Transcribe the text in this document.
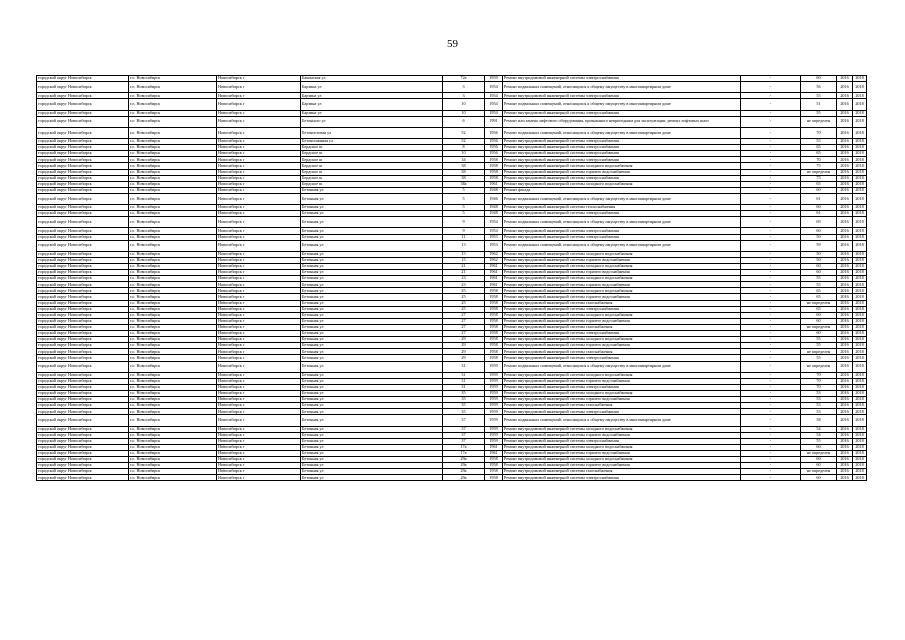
59
городской округ Новосибирск	г.о. Новосибирск	Новосибирск г	Бакинская ул	72а	1959	Ремонт внутридомовой инженерной системы электроснабжения	-	60	2016	2018
городской округ Новосибирск	г.о. Новосибирск	Новосибирск г	Барзина ул	3	1954	Ремонт подвальных помещений, относящихся к общему имуществу в многоквартирном доме	-	56	2016	2018
городской округ Новосибирск	г.о. Новосибирск	Новосибирск г	Барзина ул	3	1954	Ремонт внутридомовой инженерной системы электроснабжения	-	55	2016	2018
городской округ Новосибирск	г.о. Новосибирск	Новосибирск г	Барзина ул	10	1954	Ремонт подвальных помещений, относящихся к общему имуществу в многоквартирном доме	-	51	2016	2018
городской округ Новосибирск	г.о. Новосибирск	Новосибирск г	Барзина ул	10	1954	Ремонт внутридомовой инженерной системы электроснабжения	-	55	2016	2018
городской округ Новосибирск	г.о. Новосибирск	Новосибирск г	Бетонного ул	6	1991	Ремонт или замена лифтового оборудования, признанного непригодным для эксплуатации, ремонт лифтовых шахт	-	не определен	2016	2018
городской округ Новосибирск	г.о. Новосибирск	Новосибирск г	Бетонистовая ул	52	1956	Ремонт подвальных помещений, относящихся к общему имуществу в многоквартирном доме	-	70	2016	2018
городской округ Новосибирск	г.о. Новосибирск	Новосибирск г	Бетоношкиная ул	52	1956	Ремонт внутридомовой инженерной системы электроснабжения	-	55	2016	2018
городской округ Новосибирск	г.о. Новосибирск	Новосибирск г	Бердское ш	8	1956	Ремонт внутридомовой инженерной системы электроснабжения	-	65	2016	2018
городской округ Новосибирск	г.о. Новосибирск	Новосибирск г	Бердское ш	10	1956	Ремонт внутридомовой инженерной системы электроснабжения	-	65	2016	2018
городской округ Новосибирск	г.о. Новосибирск	Новосибирск г	Бердское ш	34	1958	Ремонт внутридомовой инженерной системы электроснабжения	-	70	2016	2018
городской округ Новосибирск	г.о. Новосибирск	Новосибирск г	Бердское ш	38	1958	Ремонт внутридомовой инженерной системы холодного водоснабжения	-	75	2016	2018
городской округ Новосибирск	г.о. Новосибирск	Новосибирск г	Бердское ш	38	1958	Ремонт внутридомовой инженерной системы горячего водоснабжения	-	не определен	2016	2018
городской округ Новосибирск	г.о. Новосибирск	Новосибирск г	Бердское ш	38	1958	Ремонт внутридомовой инженерной системы электроснабжения	-	75	2016	2018
городской округ Новосибирск	г.о. Новосибирск	Новосибирск г	Бердское ш	38а	1961	Ремонт внутридомовой инженерной системы холодного водоснабжения	-	65	2016	2018
городской округ Новосибирск	г.о. Новосибирск	Новосибирск г	Бетонная ул	5	1948	Ремонт фасада	-	60	2016	2018
городской округ Новосибирск	г.о. Новосибирск	Новосибирск г	Бетонная ул	5	1946	Ремонт подвальных помещений, относящихся к общему имуществу в многоквартирном доме	-	61	2016	2018
городской округ Новосибирск	г.о. Новосибирск	Новосибирск г	Бетонная ул	5	1948	Ремонт внутридомовой инженерной системы теплоснабжения	-	60	2016	2018
городской округ Новосибирск	г.о. Новосибирск	Новосибирск г	Бетонная ул	5	1948	Ремонт внутридомовой инженерной системы электроснабжения	-	61	2016	2018
городской округ Новосибирск	г.о. Новосибирск	Новосибирск г	Бетонная ул	9	1954	Ремонт подвальных помещений, относящихся к общему имуществу в многоквартирном доме	-	69	2016	2018
городской округ Новосибирск	г.о. Новосибирск	Новосибирск г	Бетонная ул	9	1954	Ремонт внутридомовой инженерной системы электроснабжения	-	60	2016	2018
городской округ Новосибирск	г.о. Новосибирск	Новосибирск г	Бетонная ул	11	1953	Ремонт внутридомовой инженерной системы электроснабжения	-	50	2016	2018
городской округ Новосибирск	г.о. Новосибирск	Новосибирск г	Бетонная ул	13	1953	Ремонт подвальных помещений, относящихся к общему имуществу в многоквартирном доме	-	59	2016	2018
городской округ Новосибирск	г.о. Новосибирск	Новосибирск г	Бетонная ул	15	1962	Ремонт внутридомовой инженерной системы холодного водоснабжения	-	50	2016	2018
городской округ Новосибирск	г.о. Новосибирск	Новосибирск г	Бетонная ул	15	1962	Ремонт внутридомовой инженерной системы горячего водоснабжения	-	50	2016	2018
городской округ Новосибирск	г.о. Новосибирск	Новосибирск г	Бетонная ул	21	1961	Ремонт внутридомовой инженерной системы холодного водоснабжения	-	60	2016	2018
городской округ Новосибирск	г.о. Новосибирск	Новосибирск г	Бетонная ул	21	1961	Ремонт внутридомовой инженерной системы горячего водоснабжения	-	60	2016	2018
городской округ Новосибирск	г.о. Новосибирск	Новосибирск г	Бетонная ул	23	1961	Ремонт внутридомовой инженерной системы холодного водоснабжения	-	55	2016	2018
городской округ Новосибирск	г.о. Новосибирск	Новосибирск г	Бетонная ул	23	1961	Ремонт внутридомовой инженерной системы горячего водоснабжения	-	55	2016	2018
городской округ Новосибирск	г.о. Новосибирск	Новосибирск г	Бетонная ул	25	1958	Ремонт внутридомовой инженерной системы холодного водоснабжения	-	65	2016	2018
городской округ Новосибирск	г.о. Новосибирск	Новосибирск г	Бетонная ул	25	1958	Ремонт внутридомовой инженерной системы горячего водоснабжения	-	65	2016	2018
городской округ Новосибирск	г.о. Новосибирск	Новосибирск г	Бетонная ул	25	1958	Ремонт внутридомовой инженерной системы газоснабжения	-	не определен	2016	2018
городской округ Новосибирск	г.о. Новосибирск	Новосибирск г	Бетонная ул	25	1958	Ремонт внутридомовой инженерной системы электроснабжения	-	65	2016	2018
городской округ Новосибирск	г.о. Новосибирск	Новосибирск г	Бетонная ул	27	1958	Ремонт внутридомовой инженерной системы холодного водоснабжения	-	60	2016	2018
городской округ Новосибирск	г.о. Новосибирск	Новосибирск г	Бетонная ул	27	1958	Ремонт внутридомовой инженерной системы горячего водоснабжения	-	60	2016	2018
городской округ Новосибирск	г.о. Новосибирск	Новосибирск г	Бетонная ул	27	1958	Ремонт внутридомовой инженерной системы газоснабжения	-	не определен	2016	2018
городской округ Новосибирск	г.о. Новосибирск	Новосибирск г	Бетонная ул	27	1958	Ремонт внутридомовой инженерной системы электроснабжения	-	60	2016	2018
городской округ Новосибирск	г.о. Новосибирск	Новосибирск г	Бетонная ул	29	1958	Ремонт внутридомовой инженерной системы холодного водоснабжения	-	55	2016	2018
городской округ Новосибирск	г.о. Новосибирск	Новосибирск г	Бетонная ул	29	1958	Ремонт внутридомовой инженерной системы горячего водоснабжения	-	55	2016	2018
городской округ Новосибирск	г.о. Новосибирск	Новосибирск г	Бетонная ул	29	1958	Ремонт внутридомовой инженерной системы газоснабжения	-	не определен	2016	2018
городской округ Новосибирск	г.о. Новосибирск	Новосибирск г	Бетонная ул	29	1958	Ремонт внутридомовой инженерной системы электроснабжения	-	55	2016	2018
городской округ Новосибирск	г.о. Новосибирск	Новосибирск г	Бетонная ул	31	1959	Ремонт подвальных помещений, относящихся к общему имуществу в многоквартирном доме	-	не определен	2016	2018
городской округ Новосибирск	г.о. Новосибирск	Новосибирск г	Бетонная ул	31	1959	Ремонт внутридомовой инженерной системы холодного водоснабжения	-	70	2016	2018
городской округ Новосибирск	г.о. Новосибирск	Новосибирск г	Бетонная ул	31	1959	Ремонт внутридомовой инженерной системы горячего водоснабжения	-	70	2016	2018
городской округ Новосибирск	г.о. Новосибирск	Новосибирск г	Бетонная ул	31	1959	Ремонт внутридомовой инженерной системы электроснабжения	-	70	2016	2018
городской округ Новосибирск	г.о. Новосибирск	Новосибирск г	Бетонная ул	35	1959	Ремонт внутридомовой инженерной системы холодного водоснабжения	-	53	2016	2018
городской округ Новосибирск	г.о. Новосибирск	Новосибирск г	Бетонная ул	35	1959	Ремонт внутридомовой инженерной системы горячего водоснабжения	-	53	2016	2018
городской округ Новосибирск	г.о. Новосибирск	Новосибирск г	Бетонная ул	35	1959	Ремонт внутридомовой инженерной системы газоснабжения	-	53	2016	2018
городской округ Новосибирск	г.о. Новосибирск	Новосибирск г	Бетонная ул	35	1959	Ремонт внутридомовой инженерной системы электроснабжения	-	53	2016	2018
городской округ Новосибирск	г.о. Новосибирск	Новосибирск г	Бетонная ул	37	1959	Ремонт подвальных помещений, относящихся к общему имуществу в многоквартирном доме	-	58	2016	2018
городской округ Новосибирск	г.о. Новосибирск	Новосибирск г	Бетонная ул	37	1959	Ремонт внутридомовой инженерной системы холодного водоснабжения	-	54	2016	2018
городской округ Новосибирск	г.о. Новосибирск	Новосибирск г	Бетонная ул	37	1959	Ремонт внутридомовой инженерной системы горячего водоснабжения	-	54	2016	2018
городской округ Новосибирск	г.о. Новосибирск	Новосибирск г	Бетонная ул	37	1959	Ремонт внутридомовой инженерной системы электроснабжения	-	55	2016	2018
городской округ Новосибирск	г.о. Новосибирск	Новосибирск г	Бетонная ул	17а	1961	Ремонт внутридомовой инженерной системы холодного водоснабжения	-	60	2016	2018
городской округ Новосибирск	г.о. Новосибирск	Новосибирск г	Бетонная ул	17а	1961	Ремонт внутридомовой инженерной системы горячего водоснабжения	-	не определен	2016	2018
городской округ Новосибирск	г.о. Новосибирск	Новосибирск г	Бетонная ул	29а	1958	Ремонт внутридомовой инженерной системы холодного водоснабжения	-	60	2016	2018
городской округ Новосибирск	г.о. Новосибирск	Новосибирск г	Бетонная ул	29а	1958	Ремонт внутридомовой инженерной системы горячего водоснабжения	-	60	2016	2018
городской округ Новосибирск	г.о. Новосибирск	Новосибирск г	Бетонная ул	29а	1958	Ремонт внутридомовой инженерной системы газоснабжения	-	не определен	2016	2018
городской округ Новосибирск	г.о. Новосибирск	Новосибирск г	Бетонная ул	29а	1958	Ремонт внутридомовой инженерной системы электроснабжения	-	60	2016	2018
